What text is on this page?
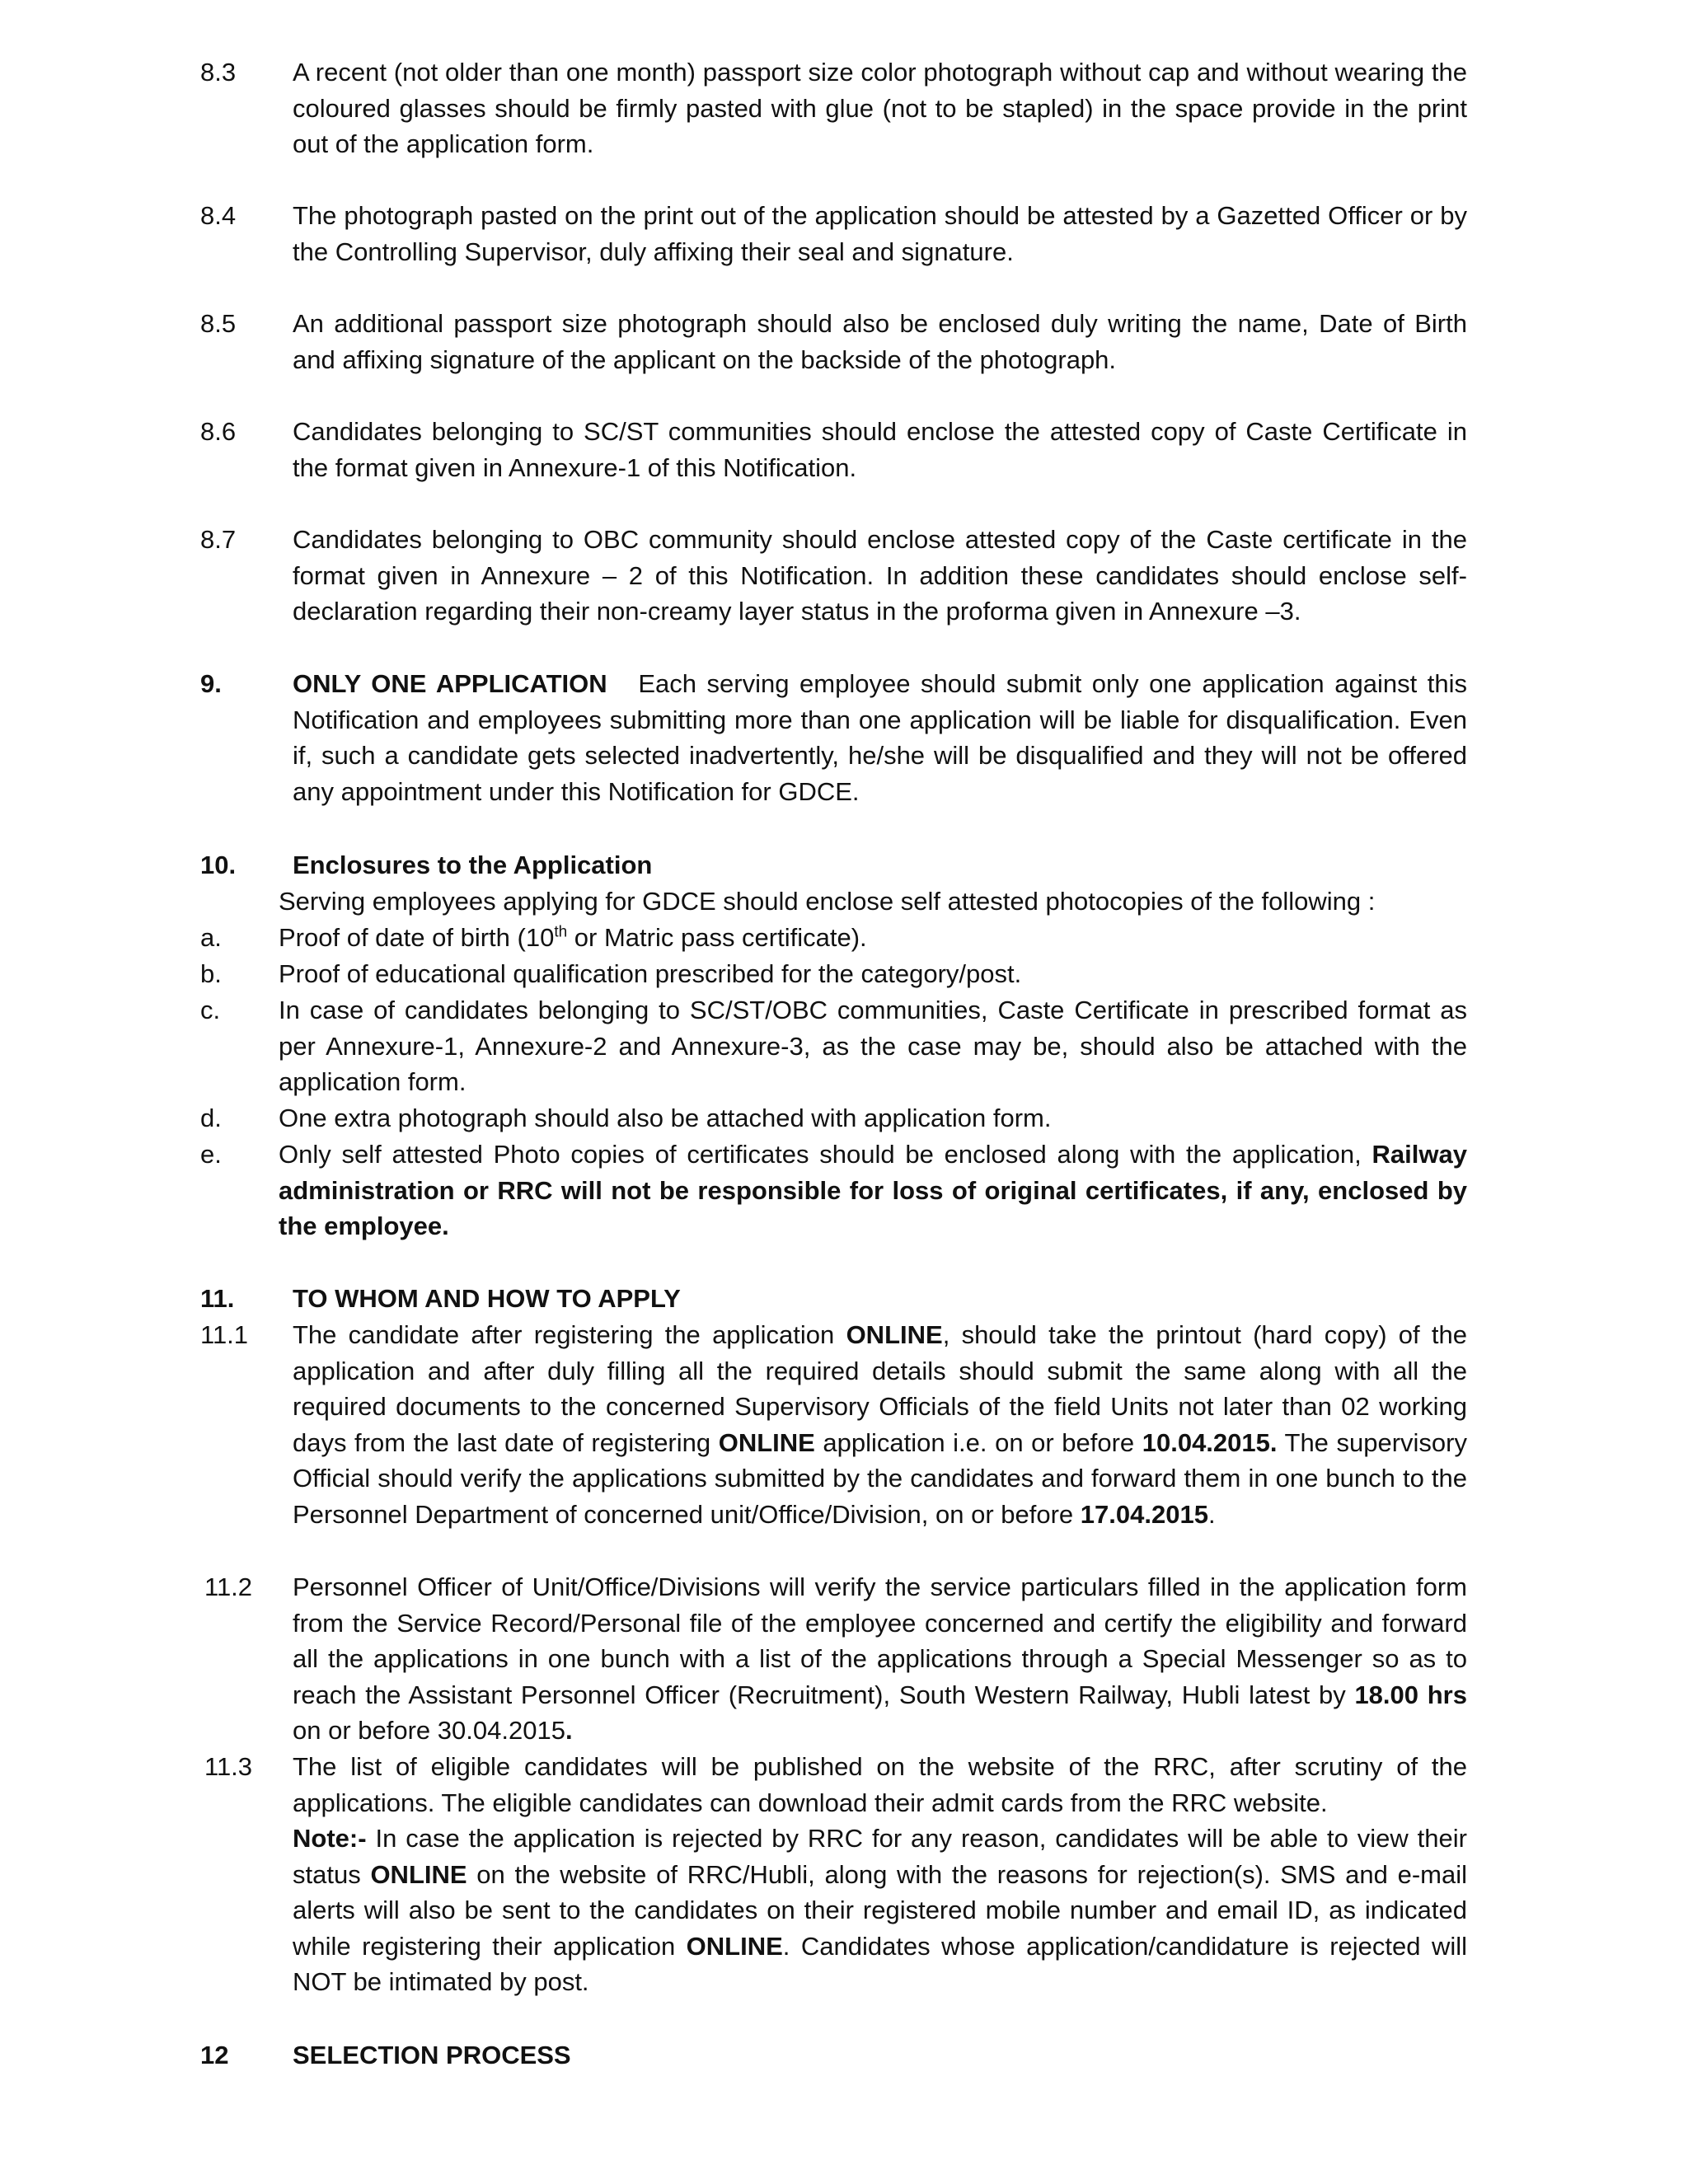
8.3 A recent (not older than one month) passport size color photograph without cap and without wearing the coloured glasses should be firmly pasted with glue (not to be stapled) in the space provide in the print out of the application form.
8.4 The photograph pasted on the print out of the application should be attested by a Gazetted Officer or by the Controlling Supervisor, duly affixing their seal and signature.
8.5 An additional passport size photograph should also be enclosed duly writing the name, Date of Birth and affixing signature of the applicant on the backside of the photograph.
8.6 Candidates belonging to SC/ST communities should enclose the attested copy of Caste Certificate in the format given in Annexure-1 of this Notification.
8.7 Candidates belonging to OBC community should enclose attested copy of the Caste certificate in the format given in Annexure – 2 of this Notification. In addition these candidates should enclose self-declaration regarding their non-creamy layer status in the proforma given in Annexure –3.
9.	ONLY ONE APPLICATION Each serving employee should submit only one application against this Notification and employees submitting more than one application will be liable for disqualification. Even if, such a candidate gets selected inadvertently, he/she will be disqualified and they will not be offered any appointment under this Notification for GDCE.
10. Enclosures to the Application
Serving employees applying for GDCE should enclose self attested photocopies of the following :
a. Proof of date of birth (10th or Matric pass certificate).
b. Proof of educational qualification prescribed for the category/post.
c. In case of candidates belonging to SC/ST/OBC communities, Caste Certificate in prescribed format as per Annexure-1, Annexure-2 and Annexure-3, as the case may be, should also be attached with the application form.
d. One extra photograph should also be attached with application form.
e. Only self attested Photo copies of certificates should be enclosed along with the application, Railway administration or RRC will not be responsible for loss of original certificates, if any, enclosed by the employee.
11. TO WHOM AND HOW TO APPLY
11.1 The candidate after registering the application ONLINE, should take the printout (hard copy) of the application and after duly filling all the required details should submit the same along with all the required documents to the concerned Supervisory Officials of the field Units not later than 02 working days from the last date of registering ONLINE application i.e. on or before 10.04.2015. The supervisory Official should verify the applications submitted by the candidates and forward them in one bunch to the Personnel Department of concerned unit/Office/Division, on or before 17.04.2015.
11.2 Personnel Officer of Unit/Office/Divisions will verify the service particulars filled in the application form from the Service Record/Personal file of the employee concerned and certify the eligibility and forward all the applications in one bunch with a list of the applications through a Special Messenger so as to reach the Assistant Personnel Officer (Recruitment), South Western Railway, Hubli latest by 18.00 hrs on or before 30.04.2015.
11.3 The list of eligible candidates will be published on the website of the RRC, after scrutiny of the applications. The eligible candidates can download their admit cards from the RRC website.
Note:- In case the application is rejected by RRC for any reason, candidates will be able to view their status ONLINE on the website of RRC/Hubli, along with the reasons for rejection(s). SMS and e-mail alerts will also be sent to the candidates on their registered mobile number and email ID, as indicated while registering their application ONLINE. Candidates whose application/candidature is rejected will NOT be intimated by post.
12	SELECTION PROCESS
